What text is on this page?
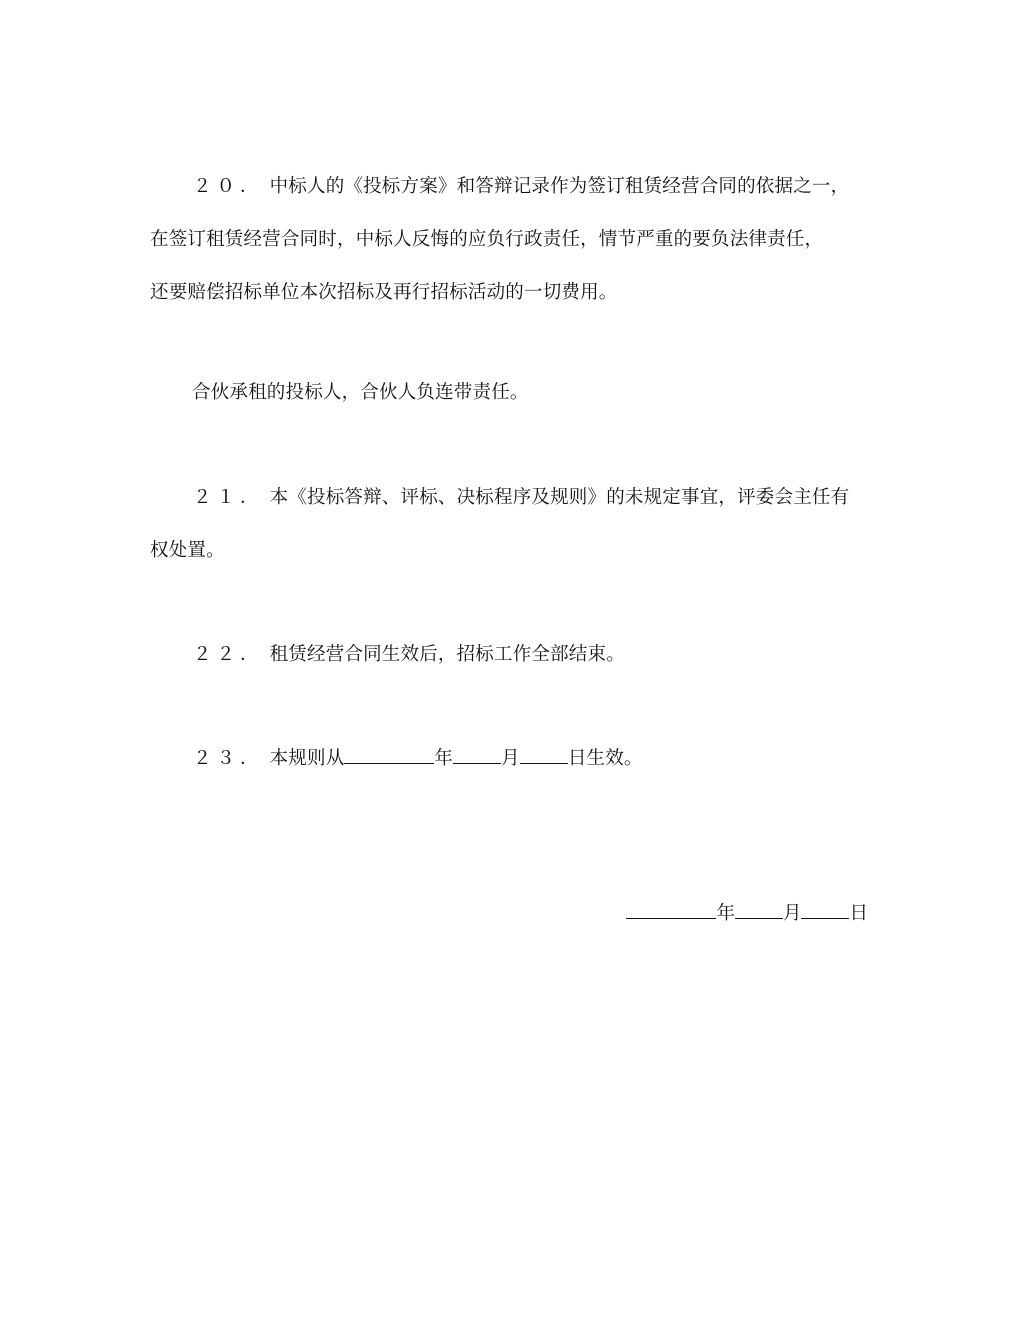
２０． 中标人的《投标方案》和答辩记录作为签订租赁经营合同的依据之一，
在签订租赁经营合同时，中标人反悔的应负行政责任，情节严重的要负法律责任，
还要赔偿招标单位本次招标及再行招标活动的一切费用。
合伙承租的投标人，合伙人负连带责任。
２１． 本《投标答辩、评标、决标程序及规则》的未规定事宜，评委会主任有
权处置。
２２． 租赁经营合同生效后，招标工作全部结束。
２３． 本规则从	年	月	日生效。
年	月	日
